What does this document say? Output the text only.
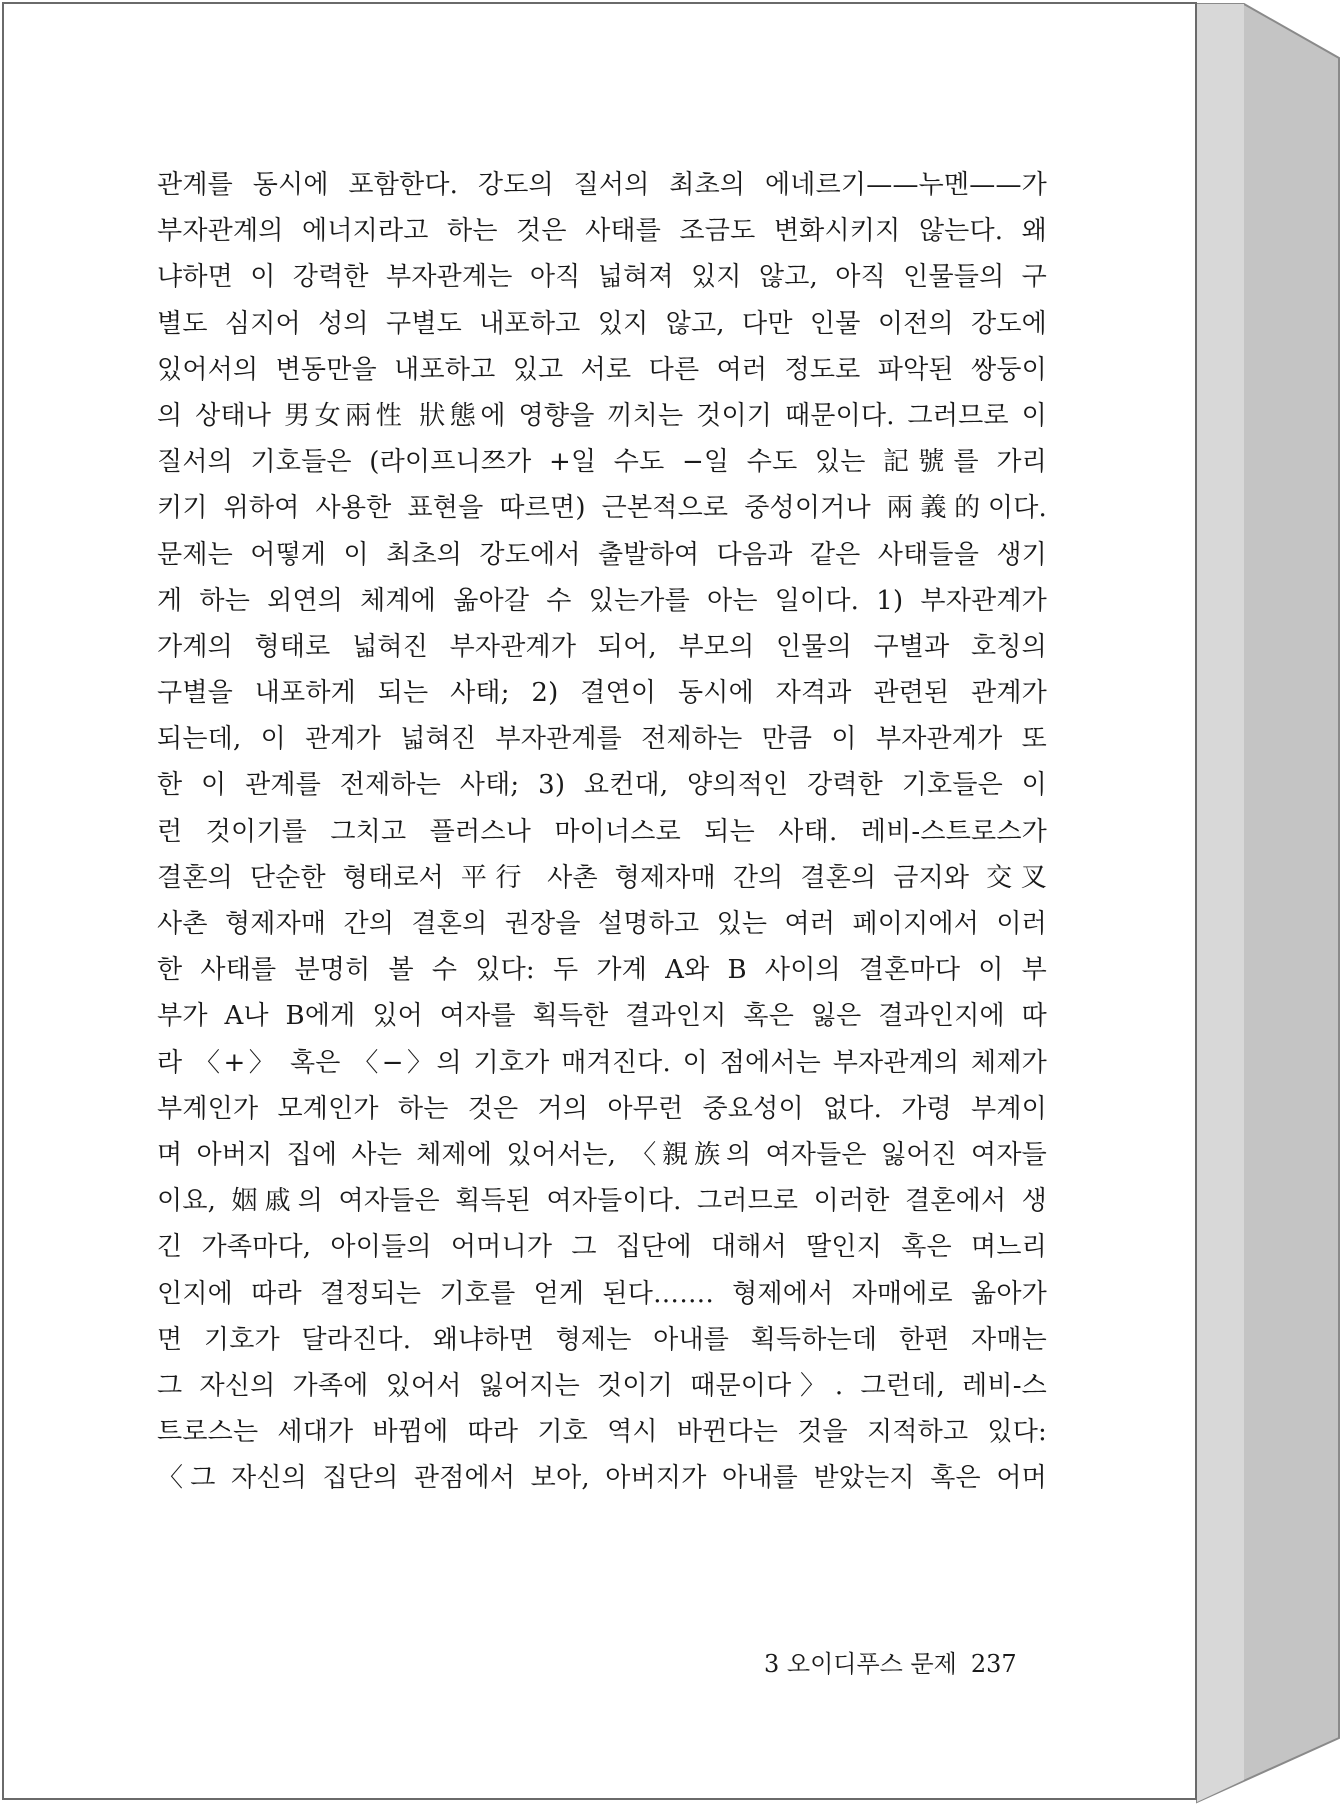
관계를 동시에 포함한다. 강도의 질서의 최초의 에네르기——누멘——가
부자관계의 에너지라고 하는 것은 사태를 조금도 변화시키지 않는다. 왜
냐하면 이 강력한 부자관계는 아직 넓혀져 있지 않고, 아직 인물들의 구
별도 심지어 성의 구별도 내포하고 있지 않고, 다만 인물 이전의 강도에
있어서의 변동만을 내포하고 있고 서로 다른 여러 정도로 파악된 쌍둥이
의 상태나 男女兩性 狀態에 영향을 끼치는 것이기 때문이다. 그러므로 이
질서의 기호들은 (라이프니쯔가 +일 수도 −일 수도 있는 記號를 가리
키기 위하여 사용한 표현을 따르면) 근본적으로 중성이거나 兩義的이다.
문제는 어떻게 이 최초의 강도에서 출발하여 다음과 같은 사태들을 생기
게 하는 외연의 체계에 옮아갈 수 있는가를 아는 일이다. 1) 부자관계가
가계의 형태로 넓혀진 부자관계가 되어, 부모의 인물의 구별과 호칭의
구별을 내포하게 되는 사태; 2) 결연이 동시에 자격과 관련된 관계가
되는데, 이 관계가 넓혀진 부자관계를 전제하는 만큼 이 부자관계가 또
한 이 관계를 전제하는 사태; 3) 요컨대, 양의적인 강력한 기호들은 이
런 것이기를 그치고 플러스나 마이너스로 되는 사태. 레비-스트로스가
결혼의 단순한 형태로서 平行 사촌 형제자매 간의 결혼의 금지와 交叉
사촌 형제자매 간의 결혼의 권장을 설명하고 있는 여러 페이지에서 이러
한 사태를 분명히 볼 수 있다: 두 가계 A와 B 사이의 결혼마다 이 부
부가 A나 B에게 있어 여자를 획득한 결과인지 혹은 잃은 결과인지에 따
라 〈+〉 혹은 〈−〉의 기호가 매겨진다. 이 점에서는 부자관계의 체제가
부계인가 모계인가 하는 것은 거의 아무런 중요성이 없다. 가령 부계이
며 아버지 집에 사는 체제에 있어서는, 〈親族의 여자들은 잃어진 여자들
이요, 姻戚의 여자들은 획득된 여자들이다. 그러므로 이러한 결혼에서 생
긴 가족마다, 아이들의 어머니가 그 집단에 대해서 딸인지 혹은 며느리
인지에 따라 결정되는 기호를 얻게 된다……. 형제에서 자매에로 옮아가
면 기호가 달라진다. 왜냐하면 형제는 아내를 획득하는데 한편 자매는
그 자신의 가족에 있어서 잃어지는 것이기 때문이다〉. 그런데, 레비-스
트로스는 세대가 바뀜에 따라 기호 역시 바뀐다는 것을 지적하고 있다:
〈그 자신의 집단의 관점에서 보아, 아버지가 아내를 받았는지 혹은 어머
3 오이디푸스 문제 237
